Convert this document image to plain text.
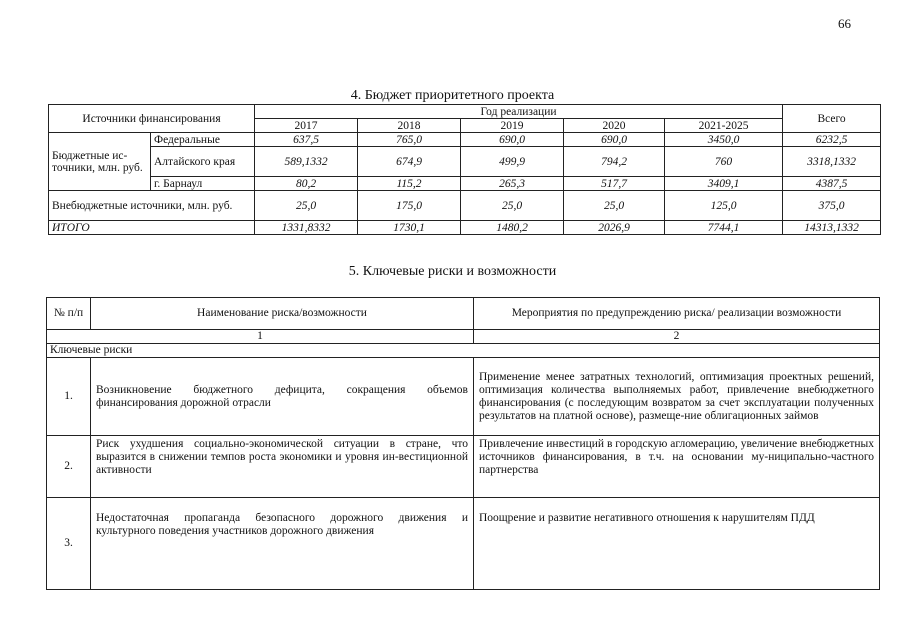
66
4. Бюджет приоритетного проекта
Источники финансирования		Год реализации					Всего
		2017	2018	2019	2020	2021-2025	
Бюджетные ис-точники, млн. руб.	Федеральные	637,5	765,0	690,0	690,0	3450,0	6232,5
	Алтайского края	589,1332	674,9	499,9	794,2	760	3318,1332
	г. Барнаул	80,2	115,2	265,3	517,7	3409,1	4387,5
Внебюджетные источники, млн. руб.		25,0	175,0	25,0	25,0	125,0	375,0
ИТОГО		1331,8332	1730,1	1480,2	2026,9	7744,1	14313,1332
5. Ключевые риски и возможности
№ п/п	Наименование риска/возможности	Мероприятия по предупреждению риска/ реализации возможности
1		2
Ключевые риски		
1.	Возникновение бюджетного дефицита, сокращения объемов финансирования дорожной отрасли	Применение менее затратных технологий, оптимизация проектных решений, оптимизация количества выполняемых работ, привлечение внебюджетного финансирования (с последующим возвратом за счет эксплуатации полученных результатов на платной основе), размеще-ние облигационных займов
2.	Риск ухудшения социально-экономической ситуации в стране, что выразится в снижении темпов роста экономики и уровня ин-вестиционной активности	Привлечение инвестиций в городскую агломерацию, увеличение внебюджетных источников финансирования, в т.ч. на основании му-ниципально-частного партнерства
3.	Недостаточная пропаганда безопасного дорожного движения и культурного поведения участников дорожного движения	Поощрение и развитие негативного отношения к нарушителям ПДД
